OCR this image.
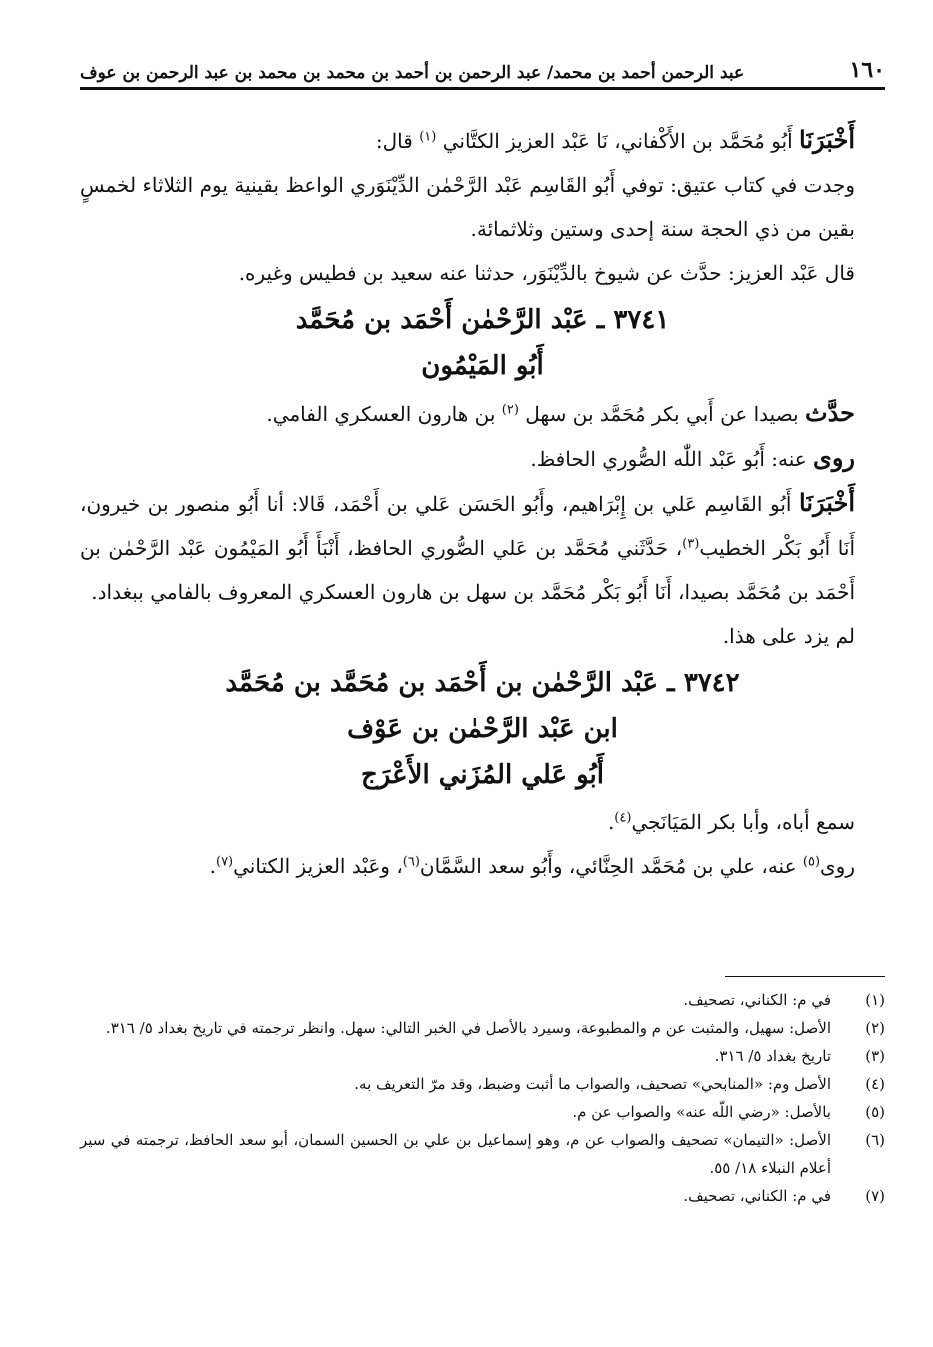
١٦٠
عبد الرحمن أحمد بن محمد/ عبد الرحمن بن أحمد بن محمد بن محمد بن عبد الرحمن بن عوف

أَخْبَرَنَا أَبُو مُحَمَّد بن الأَكْفاني، نَا عَبْد العزيز الكتَّاني $^{(١)}$ قال:

وجدت في كتاب عتيق: توفي أَبُو القَاسِم عَبْد الرَّحْمٰن الدِّيْنَوَري الواعظ بقينية يوم الثلاثاء لخمسٍ بقين من ذي الحجة سنة إحدى وستين وثلاثمائة.

قال عَبْد العزيز: حدَّث عن شيوخ بالدِّيْنَوَر، حدثنا عنه سعيد بن فطيس وغيره.

٣٧٤١ ـ عَبْد الرَّحْمٰن أَحْمَد بن مُحَمَّد
أَبُو المَيْمُون

حدَّث بصيدا عن أَبي بكر مُحَمَّد بن سهل $^{(٢)}$ بن هارون العسكري الفامي.

روى عنه: أَبُو عَبْد اللّٰه الصُّوري الحافظ.

أَخْبَرَنَا أَبُو القَاسِم عَلي بن إِبْرَاهيم، وأَبُو الحَسَن عَلي بن أَحْمَد، قَالا: أنا أَبُو منصور بن خيرون، أَنَا أَبُو بَكْر الخطيب$^{(٣)}$، حَدَّثَني مُحَمَّد بن عَلي الصُّوري الحافظ، أَنْبَأَ أَبُو المَيْمُون عَبْد الرَّحْمٰن بن أَحْمَد بن مُحَمَّد بصيدا، أَنَا أَبُو بَكْر مُحَمَّد بن سهل بن هارون العسكري المعروف بالفامي ببغداد.

لم يزد على هذا.

٣٧٤٢ ـ عَبْد الرَّحْمٰن بن أَحْمَد بن مُحَمَّد بن مُحَمَّد
ابن عَبْد الرَّحْمٰن بن عَوْف
أَبُو عَلي المُزَني الأَعْرَج

سمع أباه، وأبا بكر المَيَانَجي$^{(٤)}$.

روى$^{(٥)}$ عنه، علي بن مُحَمَّد الحِنَّائي، وأَبُو سعد السَّمَّان$^{(٦)}$، وعَبْد العزيز الكتاني$^{(٧)}$.

(١)
في م: الكناني، تصحيف.
(٢)
الأصل: سهيل، والمثبت عن م والمطبوعة، وسيرد بالأصل في الخبر التالي: سهل. وانظر ترجمته في تاريخ بغداد ٥/ ٣١٦.
(٣)
تاريخ بغداد ٥/ ٣١٦.
(٤)
الأصل وم: «المنابحي» تصحيف، والصواب ما أثبت وضبط، وقد مرّ التعريف به.
(٥)
بالأصل: «رضي اللّه عنه» والصواب عن م.
(٦)
الأصل: «التيمان» تصحيف والصواب عن م، وهو إسماعيل بن علي بن الحسين السمان، أبو سعد الحافظ، ترجمته في سير أعلام النبلاء ١٨/ ٥٥.
(٧)
في م: الكناني، تصحيف.
